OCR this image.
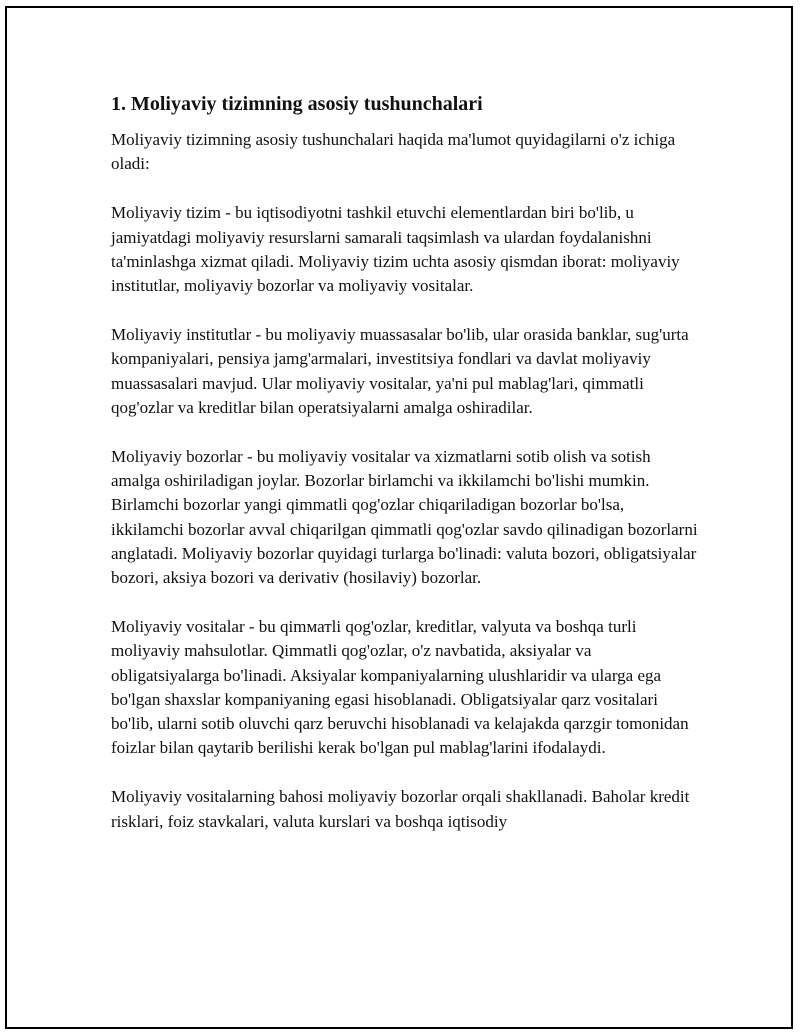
1. Moliyaviy tizimning asosiy tushunchalari

Moliyaviy tizimning asosiy tushunchalari haqida ma'lumot quyidagilarni o'z ichiga oladi:

Moliyaviy tizim - bu iqtisodiyotni tashkil etuvchi elementlardan biri bo'lib, u jamiyatdagi moliyaviy resurslarni samarali taqsimlash va ulardan foydalanishni ta'minlashga xizmat qiladi. Moliyaviy tizim uchta asosiy qismdan iborat: moliyaviy institutlar, moliyaviy bozorlar va moliyaviy vositalar.

Moliyaviy institutlar - bu moliyaviy muassasalar bo'lib, ular orasida banklar, sug'urta kompaniyalari, pensiya jamg'armalari, investitsiya fondlari va davlat moliyaviy muassasalari mavjud. Ular moliyaviy vositalar, ya'ni pul mablag'lari, qimmatli qog'ozlar va kreditlar bilan operatsiyalarni amalga oshiradilar.

Moliyaviy bozorlar - bu moliyaviy vositalar va xizmatlarni sotib olish va sotish amalga oshiriladigan joylar. Bozorlar birlamchi va ikkilamchi bo'lishi mumkin. Birlamchi bozorlar yangi qimmatli qog'ozlar chiqariladigan bozorlar bo'lsa, ikkilamchi bozorlar avval chiqarilgan qimmatli qog'ozlar savdo qilinadigan bozorlarni anglatadi. Moliyaviy bozorlar quyidagi turlarga bo'linadi: valuta bozori, obligatsiyalar bozori, aksiya bozori va derivativ (hosilaviy) bozorlar.

Moliyaviy vositalar - bu qimматli qog'ozlar, kreditlar, valyuta va boshqa turli moliyaviy mahsulotlar. Qimmatli qog'ozlar, o'z navbatida, aksiyalar va obligatsiyalarga bo'linadi. Aksiyalar kompaniyalarning ulushlaridir va ularga ega bo'lgan shaxslar kompaniyaning egasi hisoblanadi. Obligatsiyalar qarz vositalari bo'lib, ularni sotib oluvchi qarz beruvchi hisoblanadi va kelajakda qarzgir tomonidan foizlar bilan qaytarib berilishi kerak bo'lgan pul mablag'larini ifodalaydi.

Moliyaviy vositalarning bahosi moliyaviy bozorlar orqali shakllanadi. Baholar kredit risklari, foiz stavkalari, valuta kurslari va boshqa iqtisodiy
